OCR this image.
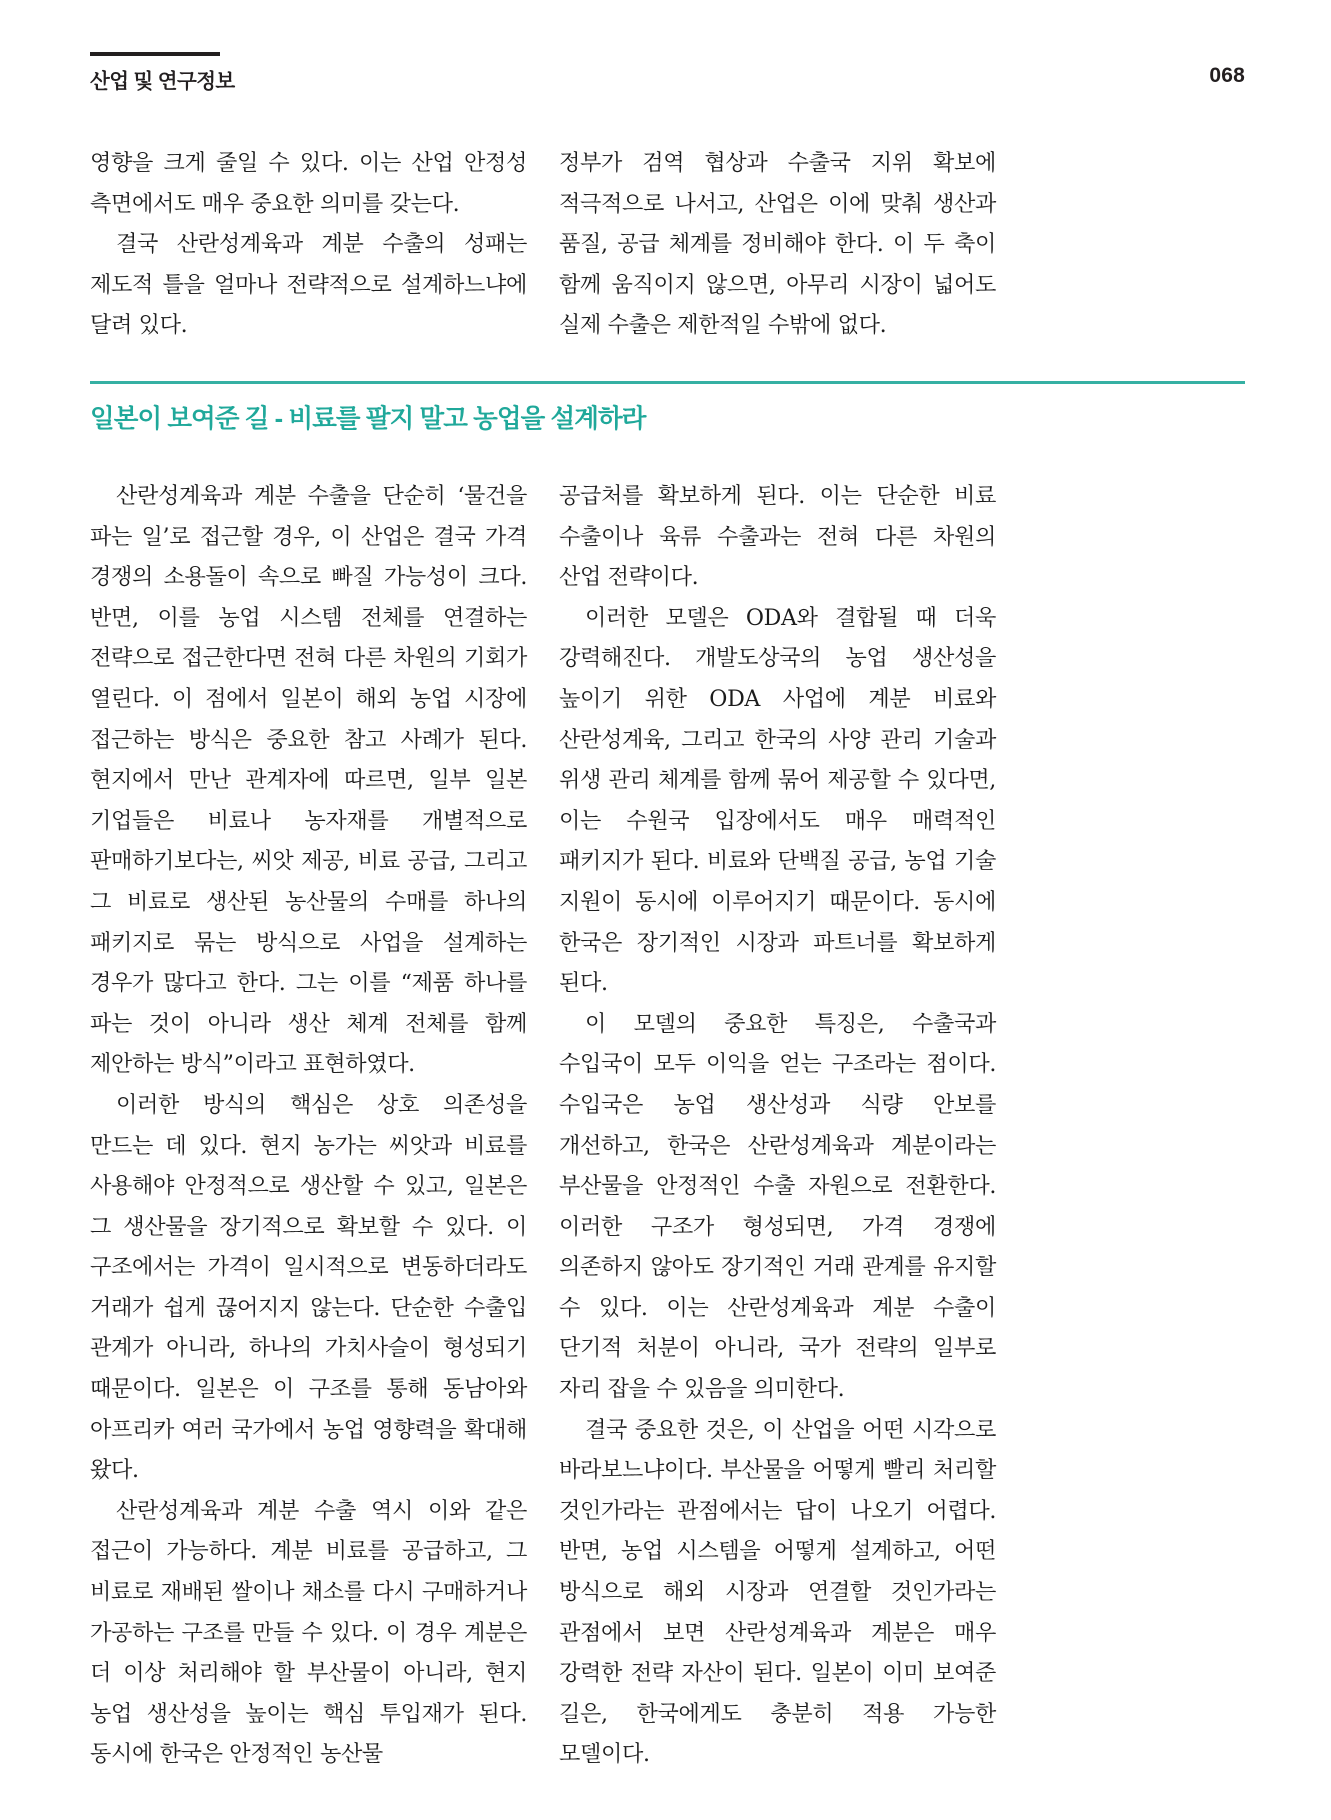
산업 및 연구정보	068

영향을 크게 줄일 수 있다. 이는 산업 안정성 측면에서도 매우 중요한 의미를 갖는다.

결국 산란성계육과 계분 수출의 성패는 제도적 틀을 얼마나 전략적으로 설계하느냐에 달려 있다.

정부가 검역 협상과 수출국 지위 확보에 적극적으로 나서고, 산업은 이에 맞춰 생산과 품질, 공급 체계를 정비해야 한다. 이 두 축이 함께 움직이지 않으면, 아무리 시장이 넓어도 실제 수출은 제한적일 수밖에 없다.

일본이 보여준 길 - 비료를 팔지 말고 농업을 설계하라

산란성계육과 계분 수출을 단순히 ‘물건을 파는 일’로 접근할 경우, 이 산업은 결국 가격 경쟁의 소용돌이 속으로 빠질 가능성이 크다. 반면, 이를 농업 시스템 전체를 연결하는 전략으로 접근한다면 전혀 다른 차원의 기회가 열린다. 이 점에서 일본이 해외 농업 시장에 접근하는 방식은 중요한 참고 사례가 된다. 현지에서 만난 관계자에 따르면, 일부 일본 기업들은 비료나 농자재를 개별적으로 판매하기보다는, 씨앗 제공, 비료 공급, 그리고 그 비료로 생산된 농산물의 수매를 하나의 패키지로 묶는 방식으로 사업을 설계하는 경우가 많다고 한다. 그는 이를 “제품 하나를 파는 것이 아니라 생산 체계 전체를 함께 제안하는 방식”이라고 표현하였다.

이러한 방식의 핵심은 상호 의존성을 만드는 데 있다. 현지 농가는 씨앗과 비료를 사용해야 안정적으로 생산할 수 있고, 일본은 그 생산물을 장기적으로 확보할 수 있다. 이 구조에서는 가격이 일시적으로 변동하더라도 거래가 쉽게 끊어지지 않는다. 단순한 수출입 관계가 아니라, 하나의 가치사슬이 형성되기 때문이다. 일본은 이 구조를 통해 동남아와 아프리카 여러 국가에서 농업 영향력을 확대해 왔다.

산란성계육과 계분 수출 역시 이와 같은 접근이 가능하다. 계분 비료를 공급하고, 그 비료로 재배된 쌀이나 채소를 다시 구매하거나 가공하는 구조를 만들 수 있다. 이 경우 계분은 더 이상 처리해야 할 부산물이 아니라, 현지 농업 생산성을 높이는 핵심 투입재가 된다. 동시에 한국은 안정적인 농산물

공급처를 확보하게 된다. 이는 단순한 비료 수출이나 육류 수출과는 전혀 다른 차원의 산업 전략이다.

이러한 모델은 ODA와 결합될 때 더욱 강력해진다. 개발도상국의 농업 생산성을 높이기 위한 ODA 사업에 계분 비료와 산란성계육, 그리고 한국의 사양 관리 기술과 위생 관리 체계를 함께 묶어 제공할 수 있다면, 이는 수원국 입장에서도 매우 매력적인 패키지가 된다. 비료와 단백질 공급, 농업 기술 지원이 동시에 이루어지기 때문이다. 동시에 한국은 장기적인 시장과 파트너를 확보하게 된다.

이 모델의 중요한 특징은, 수출국과 수입국이 모두 이익을 얻는 구조라는 점이다. 수입국은 농업 생산성과 식량 안보를 개선하고, 한국은 산란성계육과 계분이라는 부산물을 안정적인 수출 자원으로 전환한다. 이러한 구조가 형성되면, 가격 경쟁에 의존하지 않아도 장기적인 거래 관계를 유지할 수 있다. 이는 산란성계육과 계분 수출이 단기적 처분이 아니라, 국가 전략의 일부로 자리 잡을 수 있음을 의미한다.

결국 중요한 것은, 이 산업을 어떤 시각으로 바라보느냐이다. 부산물을 어떻게 빨리 처리할 것인가라는 관점에서는 답이 나오기 어렵다. 반면, 농업 시스템을 어떻게 설계하고, 어떤 방식으로 해외 시장과 연결할 것인가라는 관점에서 보면 산란성계육과 계분은 매우 강력한 전략 자산이 된다. 일본이 이미 보여준 길은, 한국에게도 충분히 적용 가능한 모델이다.
